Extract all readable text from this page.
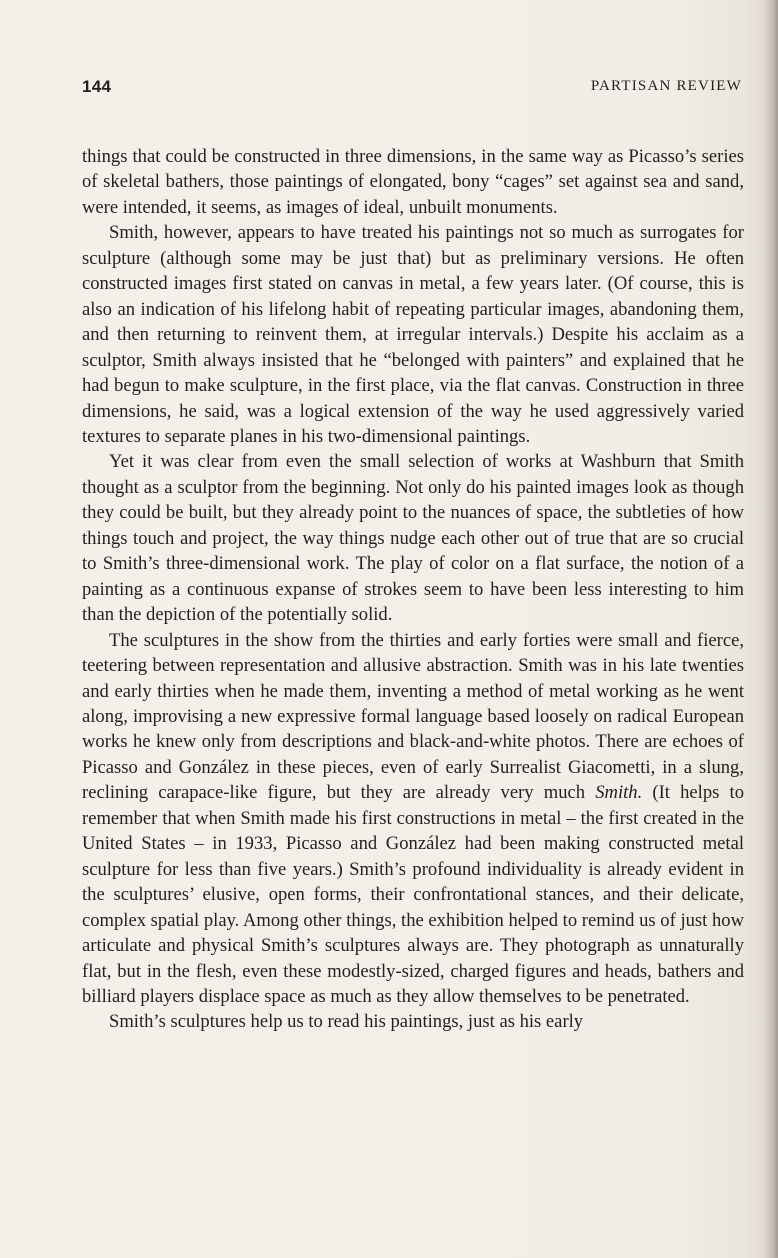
144	PARTISAN REVIEW

things that could be constructed in three dimensions, in the same way as Picasso’s series of skeletal bathers, those paintings of elongated, bony “cages” set against sea and sand, were intended, it seems, as images of ideal, unbuilt monuments.

Smith, however, appears to have treated his paintings not so much as surrogates for sculpture (although some may be just that) but as preliminary versions. He often constructed images first stated on canvas in metal, a few years later. (Of course, this is also an indication of his lifelong habit of repeating particular images, abandoning them, and then returning to reinvent them, at irregular intervals.) Despite his acclaim as a sculptor, Smith always insisted that he “belonged with painters” and explained that he had begun to make sculpture, in the first place, via the flat canvas. Construction in three dimensions, he said, was a logical extension of the way he used aggressively varied textures to separate planes in his two-dimensional paintings.

Yet it was clear from even the small selection of works at Washburn that Smith thought as a sculptor from the beginning. Not only do his painted images look as though they could be built, but they already point to the nuances of space, the subtleties of how things touch and project, the way things nudge each other out of true that are so crucial to Smith’s three-dimensional work. The play of color on a flat surface, the notion of a painting as a continuous expanse of strokes seem to have been less interesting to him than the depiction of the potentially solid.

The sculptures in the show from the thirties and early forties were small and fierce, teetering between representation and allusive abstraction. Smith was in his late twenties and early thirties when he made them, inventing a method of metal working as he went along, improvising a new expressive formal language based loosely on radical European works he knew only from descriptions and black-and-white photos. There are echoes of Picasso and González in these pieces, even of early Surrealist Giacometti, in a slung, reclining carapace-like figure, but they are already very much Smith. (It helps to remember that when Smith made his first constructions in metal – the first created in the United States – in 1933, Picasso and González had been making constructed metal sculpture for less than five years.) Smith’s profound individuality is already evident in the sculptures’ elusive, open forms, their confrontational stances, and their delicate, complex spatial play. Among other things, the exhibition helped to remind us of just how articulate and physical Smith’s sculptures always are. They photograph as unnaturally flat, but in the flesh, even these modestly-sized, charged figures and heads, bathers and billiard players displace space as much as they allow themselves to be penetrated.

Smith’s sculptures help us to read his paintings, just as his early
